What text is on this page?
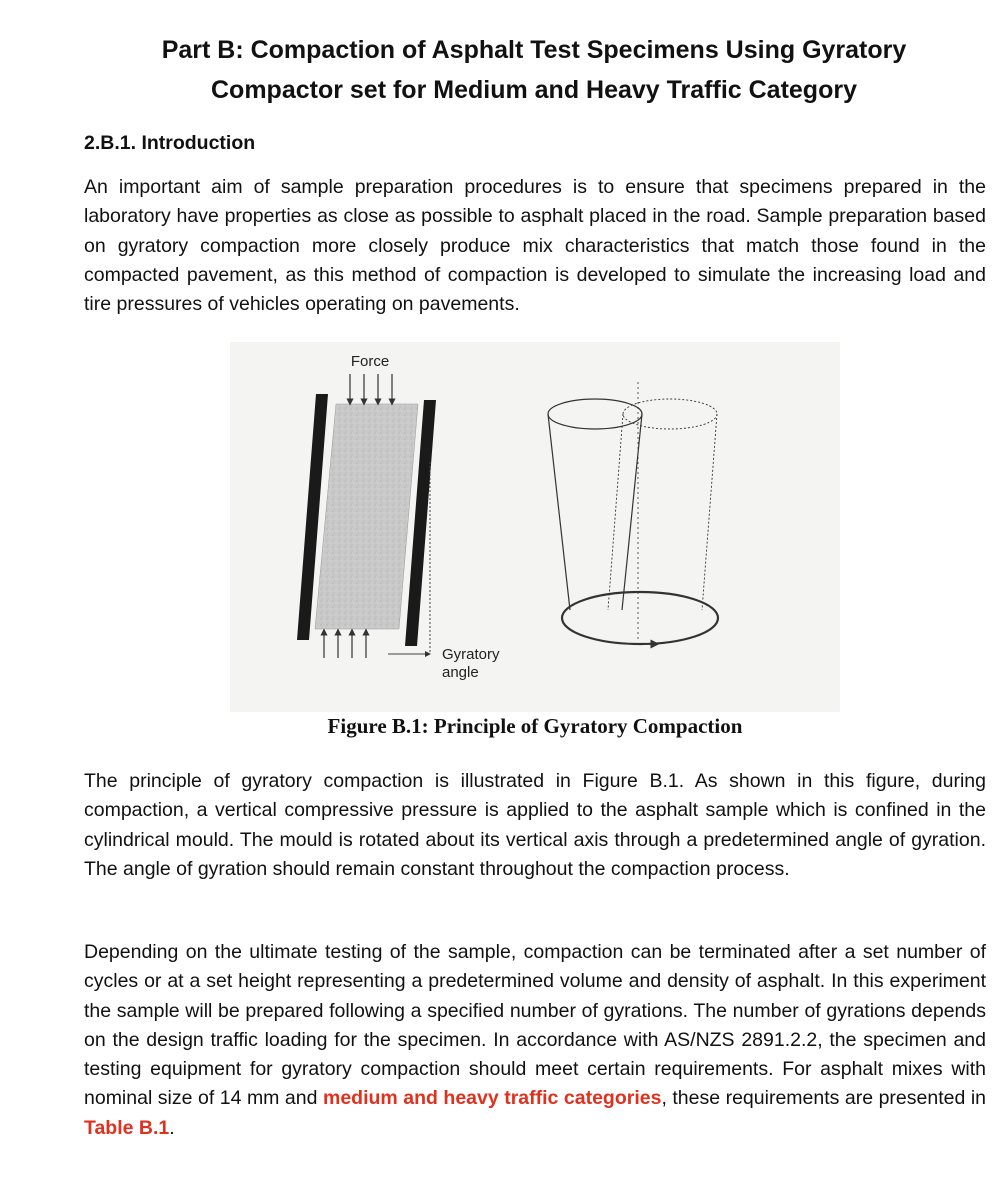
Part B: Compaction of Asphalt Test Specimens Using Gyratory
Compactor set for Medium and Heavy Traffic Category
2.B.1. Introduction

An important aim of sample preparation procedures is to ensure that specimens prepared in the laboratory have properties as close as possible to asphalt placed in the road. Sample preparation based on gyratory compaction more closely produce mix characteristics that match those found in the compacted pavement, as this method of compaction is developed to simulate the increasing load and tire pressures of vehicles operating on pavements.

Force
Gyratory
angle
Figure B.1: Principle of Gyratory Compaction

The principle of gyratory compaction is illustrated in Figure B.1. As shown in this figure, during compaction, a vertical compressive pressure is applied to the asphalt sample which is confined in the cylindrical mould. The mould is rotated about its vertical axis through a predetermined angle of gyration. The angle of gyration should remain constant throughout the compaction process.

Depending on the ultimate testing of the sample, compaction can be terminated after a set number of cycles or at a set height representing a predetermined volume and density of asphalt. In this experiment the sample will be prepared following a specified number of gyrations. The number of gyrations depends on the design traffic loading for the specimen. In accordance with AS/NZS 2891.2.2, the specimen and testing equipment for gyratory compaction should meet certain requirements. For asphalt mixes with nominal size of 14 mm and medium and heavy traffic categories, these requirements are presented in Table B.1.
